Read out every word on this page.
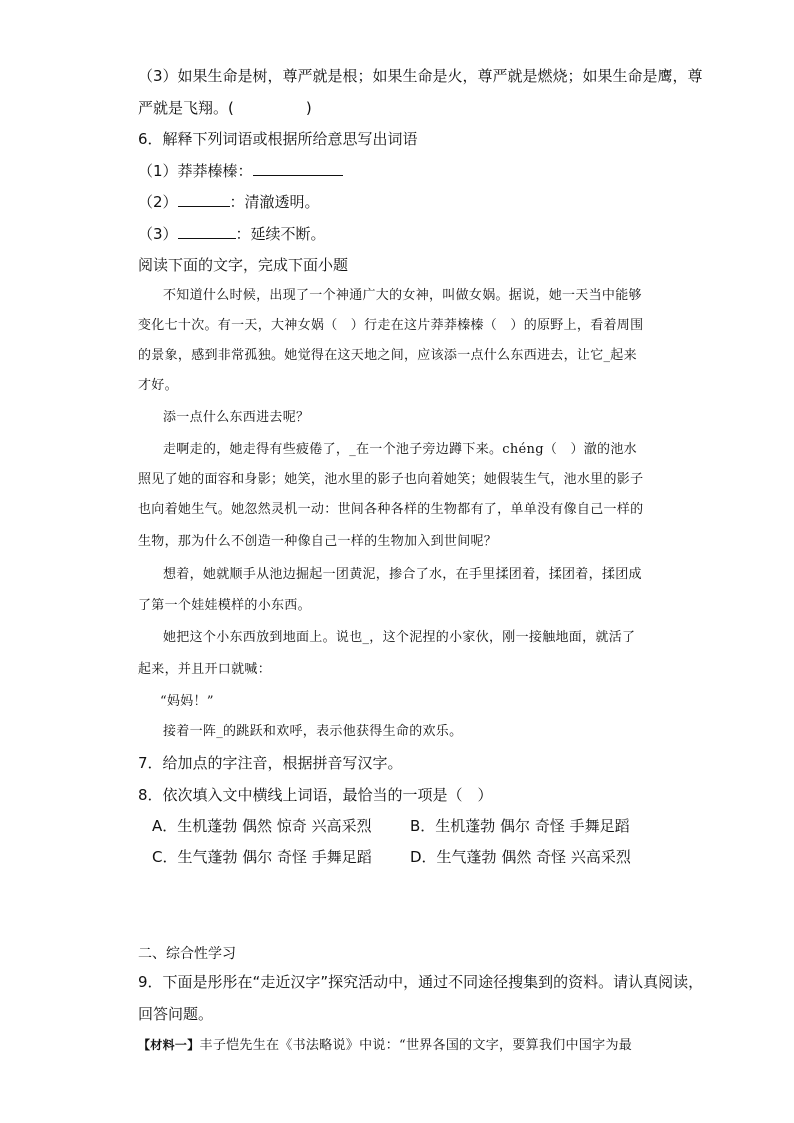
（3）如果生命是树，尊严就是根；如果生命是火，尊严就是燃烧；如果生命是鹰，尊
严就是飞翔。(	)
6．解释下列词语或根据所给意思写出词语
（1）莽莽榛榛：
（2）	：清澈透明。
（3）	：延续不断。
阅读下面的文字，完成下面小题
不知道什么时候，出现了一个神通广大的女神，叫做女娲。据说，她一天当中能够
变化七十次。有一天，大神女娲（　）行走在这片莽莽榛榛（　）的原野上，看着周围
的景象，感到非常孤独。她觉得在这天地之间，应该添一点什么东西进去，让它_起来
才好。
添一点什么东西进去呢？
走啊走的，她走得有些疲倦了，_在一个池子旁边蹲下来。chéng（　）澈的池水
照见了她的面容和身影；她笑，池水里的影子也向着她笑；她假装生气，池水里的影子
也向着她生气。她忽然灵机一动：世间各种各样的生物都有了，单单没有像自己一样的
生物，那为什么不创造一种像自己一样的生物加入到世间呢？
想着，她就顺手从池边掘起一团黄泥，掺合了水，在手里揉团着，揉团着，揉团成
了第一个娃娃模样的小东西。
她把这个小东西放到地面上。说也_，这个泥捏的小家伙，刚一接触地面，就活了
起来，并且开口就喊：
“妈妈！”
接着一阵_的跳跃和欢呼，表示他获得生命的欢乐。
7．给加点的字注音，根据拼音写汉字。
8．依次填入文中横线上词语，最恰当的一项是（　）
A．生机蓬勃 偶然 惊奇 兴高采烈	B．生机蓬勃 偶尔 奇怪 手舞足蹈
C．生气蓬勃 偶尔 奇怪 手舞足蹈	D．生气蓬勃 偶然 奇怪 兴高采烈
二、综合性学习
9．下面是彤彤在“走近汉字”探究活动中，通过不同途径搜集到的资料。请认真阅读，
回答问题。
【材料一】丰子恺先生在《书法略说》中说：“世界各国的文字，要算我们中国字为最
